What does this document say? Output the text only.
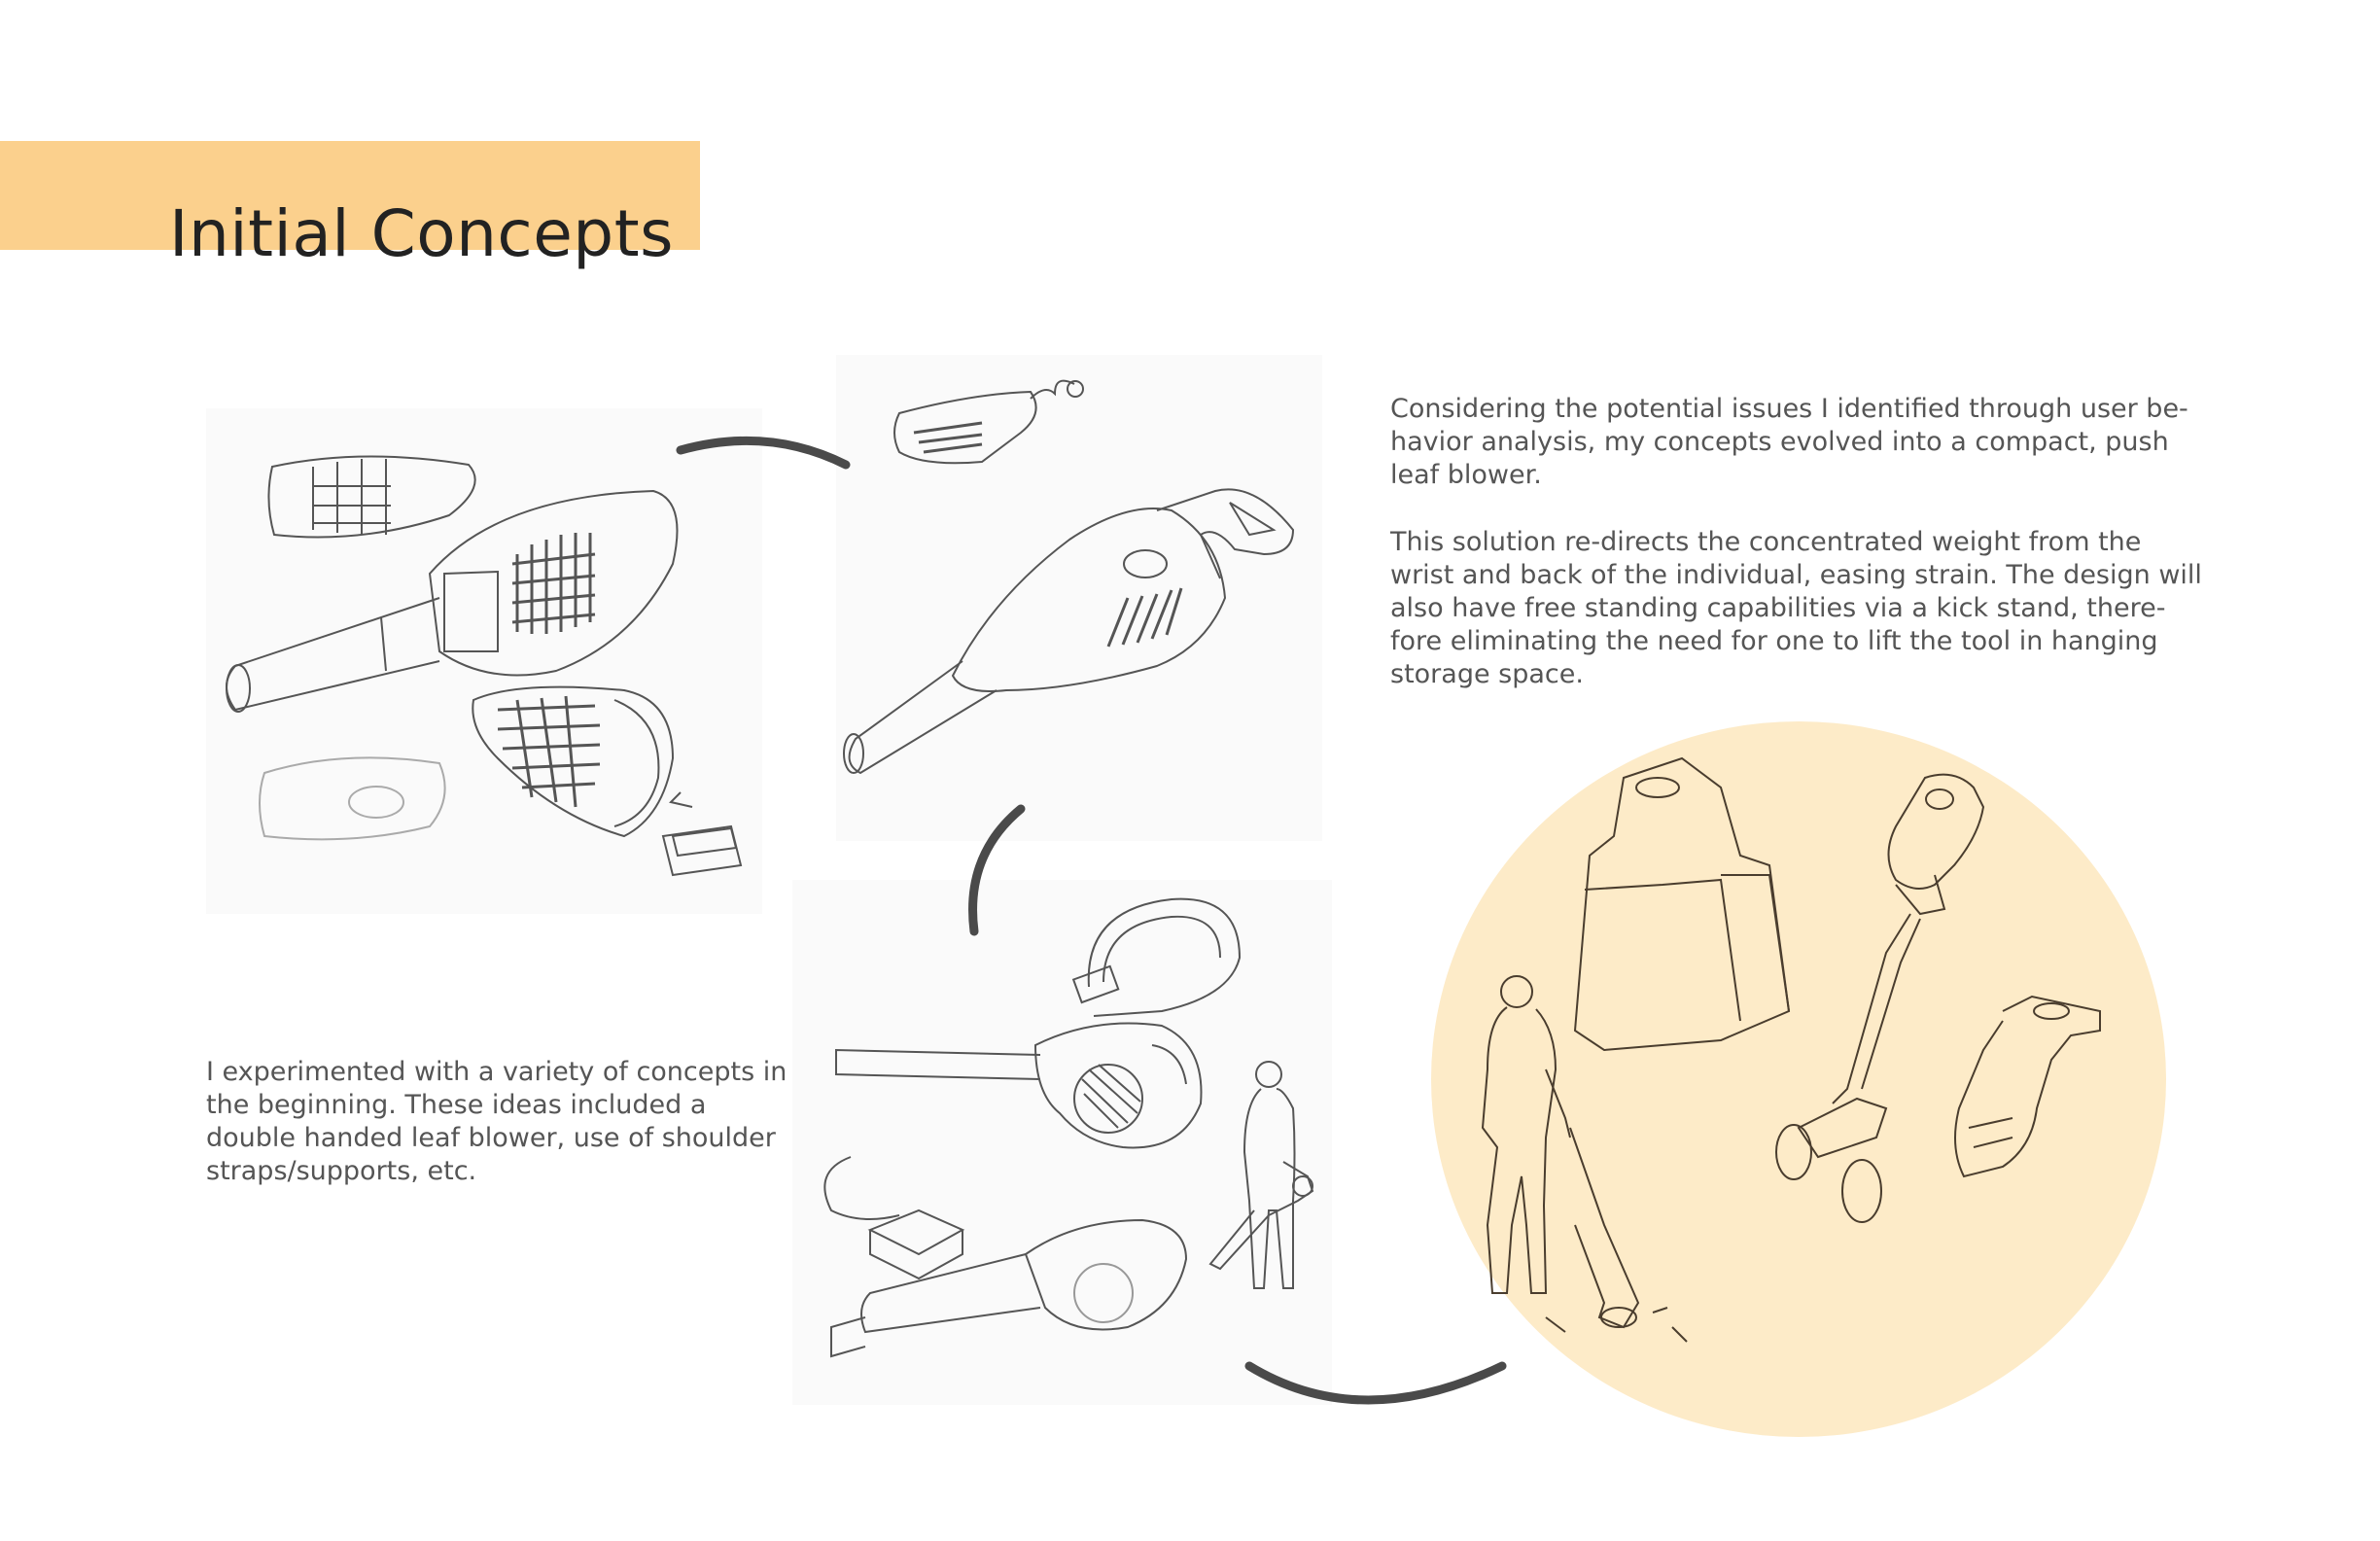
Initial Concepts

Considering the potential issues I identified through user be-
havior analysis, my concepts evolved into a compact, push
leaf blower.

This solution re-directs the concentrated weight from the
wrist and back of the individual, easing strain. The design will
also have free standing capabilities via a kick stand, there-
fore eliminating the need for one to lift the tool in hanging
storage space.

I experimented with a variety of concepts in
the beginning. These ideas included a
double handed leaf blower, use of shoulder
straps/supports, etc.
